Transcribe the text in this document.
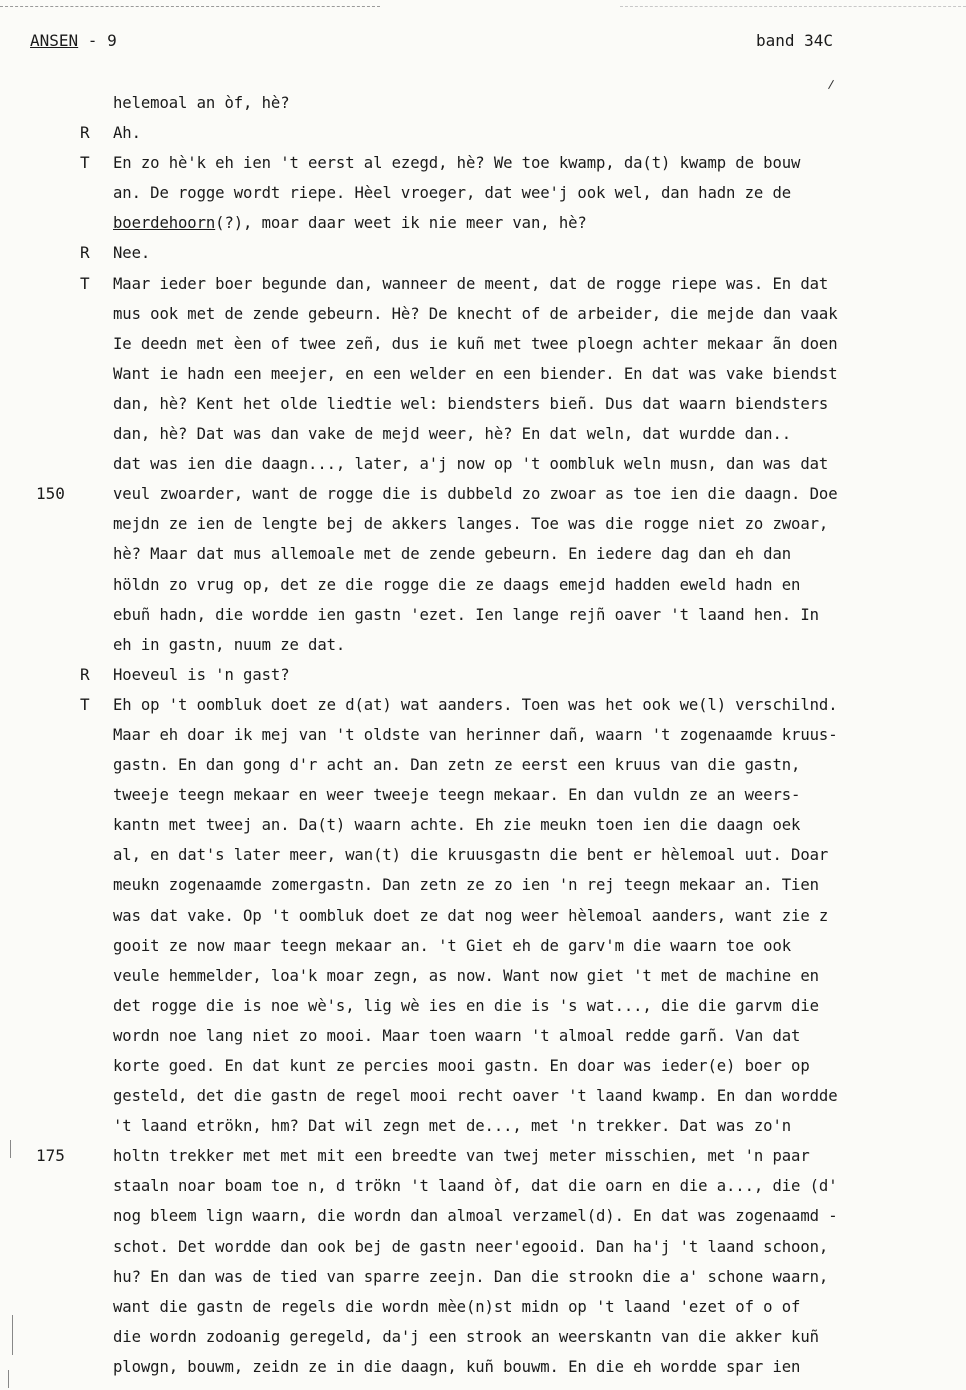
ANSEN - 9	band 34C
helemoal an òf, hè?
R Ah.
T En zo hè'k eh ien 't eerst al ezegd, hè? We toe kwamp, da(t) kwamp de bouw
an. De rogge wordt riepe. Hèel vroeger, dat wee'j ook wel, dan hadn ze de
boerdehoorn(?), moar daar weet ik nie meer van, hè?
R Nee.
T Maar ieder boer begunde dan, wanneer de meent, dat de rogge riepe was. En dat
mus ook met de zende gebeurn. Hè? De knecht of de arbeider, die mejde dan vaak
Ie deedn met èen of twee zeñ, dus ie kuñ met twee ploegn achter mekaar ãn doen
Want ie hadn een meejer, en een welder en een biender. En dat was vake biendst
dan, hè? Kent het olde liedtie wel: biendsters bieñ. Dus dat waarn biendsters
dan, hè? Dat was dan vake de mejd weer, hè? En dat weln, dat wurdde dan..
dat was ien die daagn..., later, a'j now op 't oombluk weln musn, dan was dat
150	veul zwoarder, want de rogge die is dubbeld zo zwoar as toe ien die daagn. Doe
mejdn ze ien de lengte bej de akkers langes. Toe was die rogge niet zo zwoar,
hè? Maar dat mus allemoale met de zende gebeurn. En iedere dag dan eh dan
höldn zo vrug op, det ze die rogge die ze daags emejd hadden eweld hadn en
ebuñ hadn, die wordde ien gastn 'ezet. Ien lange rejñ oaver 't laand hen. In
eh in gastn, nuum ze dat.
R Hoeveul is 'n gast?
T Eh op 't oombluk doet ze d(at) wat aanders. Toen was het ook we(l) verschilnd.
Maar eh doar ik mej van 't oldste van herinner dañ, waarn 't zogenaamde kruus-
gastn. En dan gong d'r acht an. Dan zetn ze eerst een kruus van die gastn,
tweeje teegn mekaar en weer tweeje teegn mekaar. En dan vuldn ze an weers-
kantn met tweej an. Da(t) waarn achte. Eh zie meukn toen ien die daagn oek
al, en dat's later meer, wan(t) die kruusgastn die bent er hèlemoal uut. Doar
meukn zogenaamde zomergastn. Dan zetn ze zo ien 'n rej teegn mekaar an. Tien
was dat vake. Op 't oombluk doet ze dat nog weer hèlemoal aanders, want zie z
gooit ze now maar teegn mekaar an. 't Giet eh de garv'm die waarn toe ook
veule hemmelder, loa'k moar zegn, as now. Want now giet 't met de machine en
det rogge die is noe wè's, lig wè ies en die is 's wat..., die die garvm die
wordn noe lang niet zo mooi. Maar toen waarn 't almoal redde garñ. Van dat
korte goed. En dat kunt ze percies mooi gastn. En doar was ieder(e) boer op
gesteld, det die gastn de regel mooi recht oaver 't laand kwamp. En dan wordde
't laand etrökn, hm? Dat wil zegn met de..., met 'n trekker. Dat was zo'n
175	holtn trekker met met mit een breedte van twej meter misschien, met 'n paar
staaln noar boam toe n, d trökn 't laand òf, dat die oarn en die a..., die (d'
nog bleem lign waarn, die wordn dan almoal verzamel(d). En dat was zogenaamd -
schot. Det wordde dan ook bej de gastn neer'egooid. Dan ha'j 't laand schoon,
hu? En dan was de tied van sparre zeejn. Dan die strookn die a' schone waarn,
want die gastn de regels die wordn mèe(n)st midn op 't laand 'ezet of o of
die wordn zodoanig geregeld, da'j een strook an weerskantn van die akker kuñ
plowgn, bouwm, zeidn ze in die daagn, kuñ bouwm. En die eh wordde spar ien
